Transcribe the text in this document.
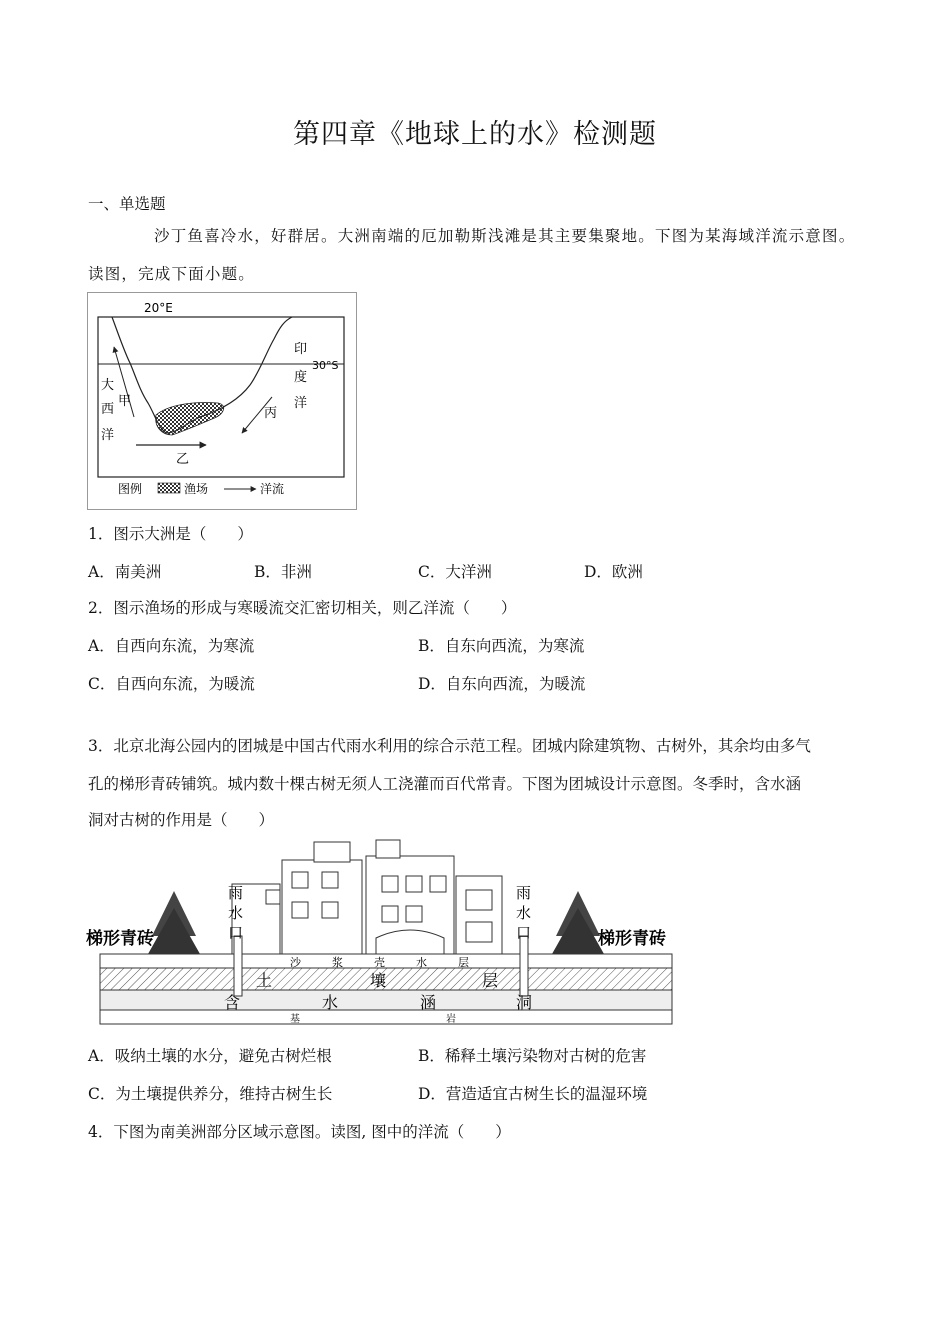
第四章《地球上的水》检测题
一、单选题
沙丁鱼喜冷水，好群居。大洲南端的厄加勒斯浅滩是其主要集聚地。下图为某海域洋流示意图。
读图，完成下面小题。
20°E
30°S
印
度
洋
大
西
洋
甲
乙
丙
图例	渔场	洋流
1．图示大洲是（　　）
A．南美洲	B．非洲	C．大洋洲	D．欧洲
2．图示渔场的形成与寒暖流交汇密切相关，则乙洋流（　　）
A．自西向东流，为寒流	B．自东向西流，为寒流
C．自西向东流，为暖流	D．自东向西流，为暖流
3．北京北海公园内的团城是中国古代雨水利用的综合示范工程。团城内除建筑物、古树外，其余均由多气
孔的梯形青砖铺筑。城内数十棵古树无须人工浇灌而百代常青。下图为团城设计示意图。冬季时，含水涵
洞对古树的作用是（　　）
雨
水
口
雨
水
口
梯形青砖	梯形青砖
沙	浆	壳	水	层
土	壤	层
含	水	涵	洞
基	岩
A．吸纳土壤的水分，避免古树烂根	B．稀释土壤污染物对古树的危害
C．为土壤提供养分，维持古树生长	D．营造适宜古树生长的温湿环境
4．下图为南美洲部分区域示意图。读图, 图中的洋流（　　）
